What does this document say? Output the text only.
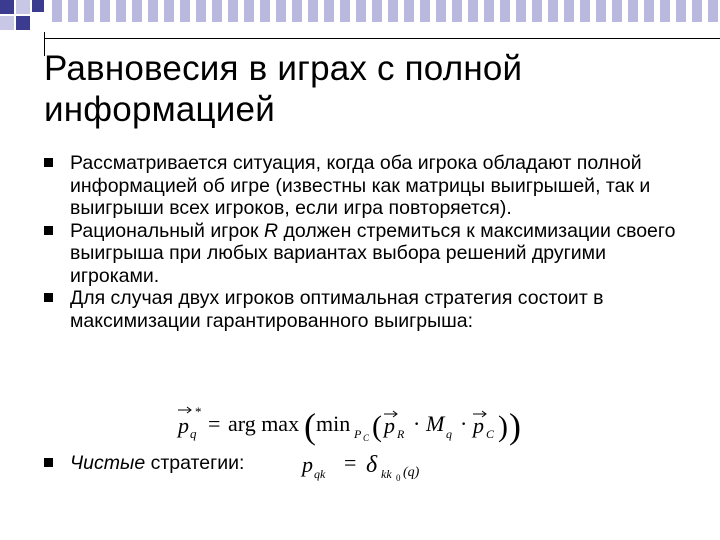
Равновесия в играх с полной информацией
Рассматривается ситуация, когда оба игрока обладают полной информацией об игре (известны как матрицы выигрышей, так и выигрыши всех игроков, если игра повторяется).
Рациональный игрок R должен стремиться к максимизации своего выигрыша при любых вариантах выбора решений другими игроками.
Для случая двух игроков оптимальная стратегия состоит в максимизации гарантированного выигрыша:
p q
* = arg max ( min P C ( p R · M q · p C ) )
Чистые стратегии:	p qk = δ kk 0 (q)
